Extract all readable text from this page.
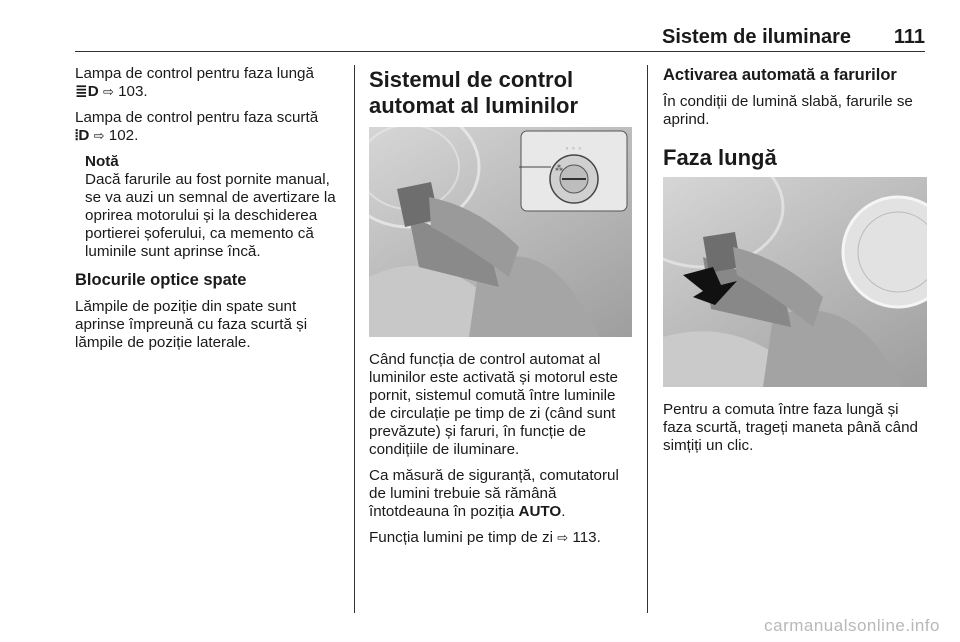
Sistem de iluminare 111

Lampa de control pentru faza lungă
≣D ⇨ 103.

Lampa de control pentru faza scurtă
⦙D ⇨ 102.

Notă

Dacă farurile au fost pornite manual, se va auzi un semnal de avertizare la oprirea motorului și la deschiderea portierei șoferului, ca memento că luminile sunt aprinse încă.

Blocurile optice spate

Lămpile de poziție din spate sunt aprinse împreună cu faza scurtă și lămpile de poziție laterale.

Sistemul de control automat al luminilor
⁂
◦ ◦ ◦

Când funcția de control automat al luminilor este activată și motorul este pornit, sistemul comută între luminile de circulație pe timp de zi (când sunt prevăzute) și faruri, în funcție de condițiile de iluminare.

Ca măsură de siguranță, comutatorul de lumini trebuie să rămână întotdeauna în poziția AUTO.

Funcția lumini pe timp de zi ⇨ 113.

Activarea automată a farurilor

În condiții de lumină slabă, farurile se aprind.

Faza lungă

Pentru a comuta între faza lungă și faza scurtă, trageți maneta până când simțiți un clic.

carmanualsonline.info
